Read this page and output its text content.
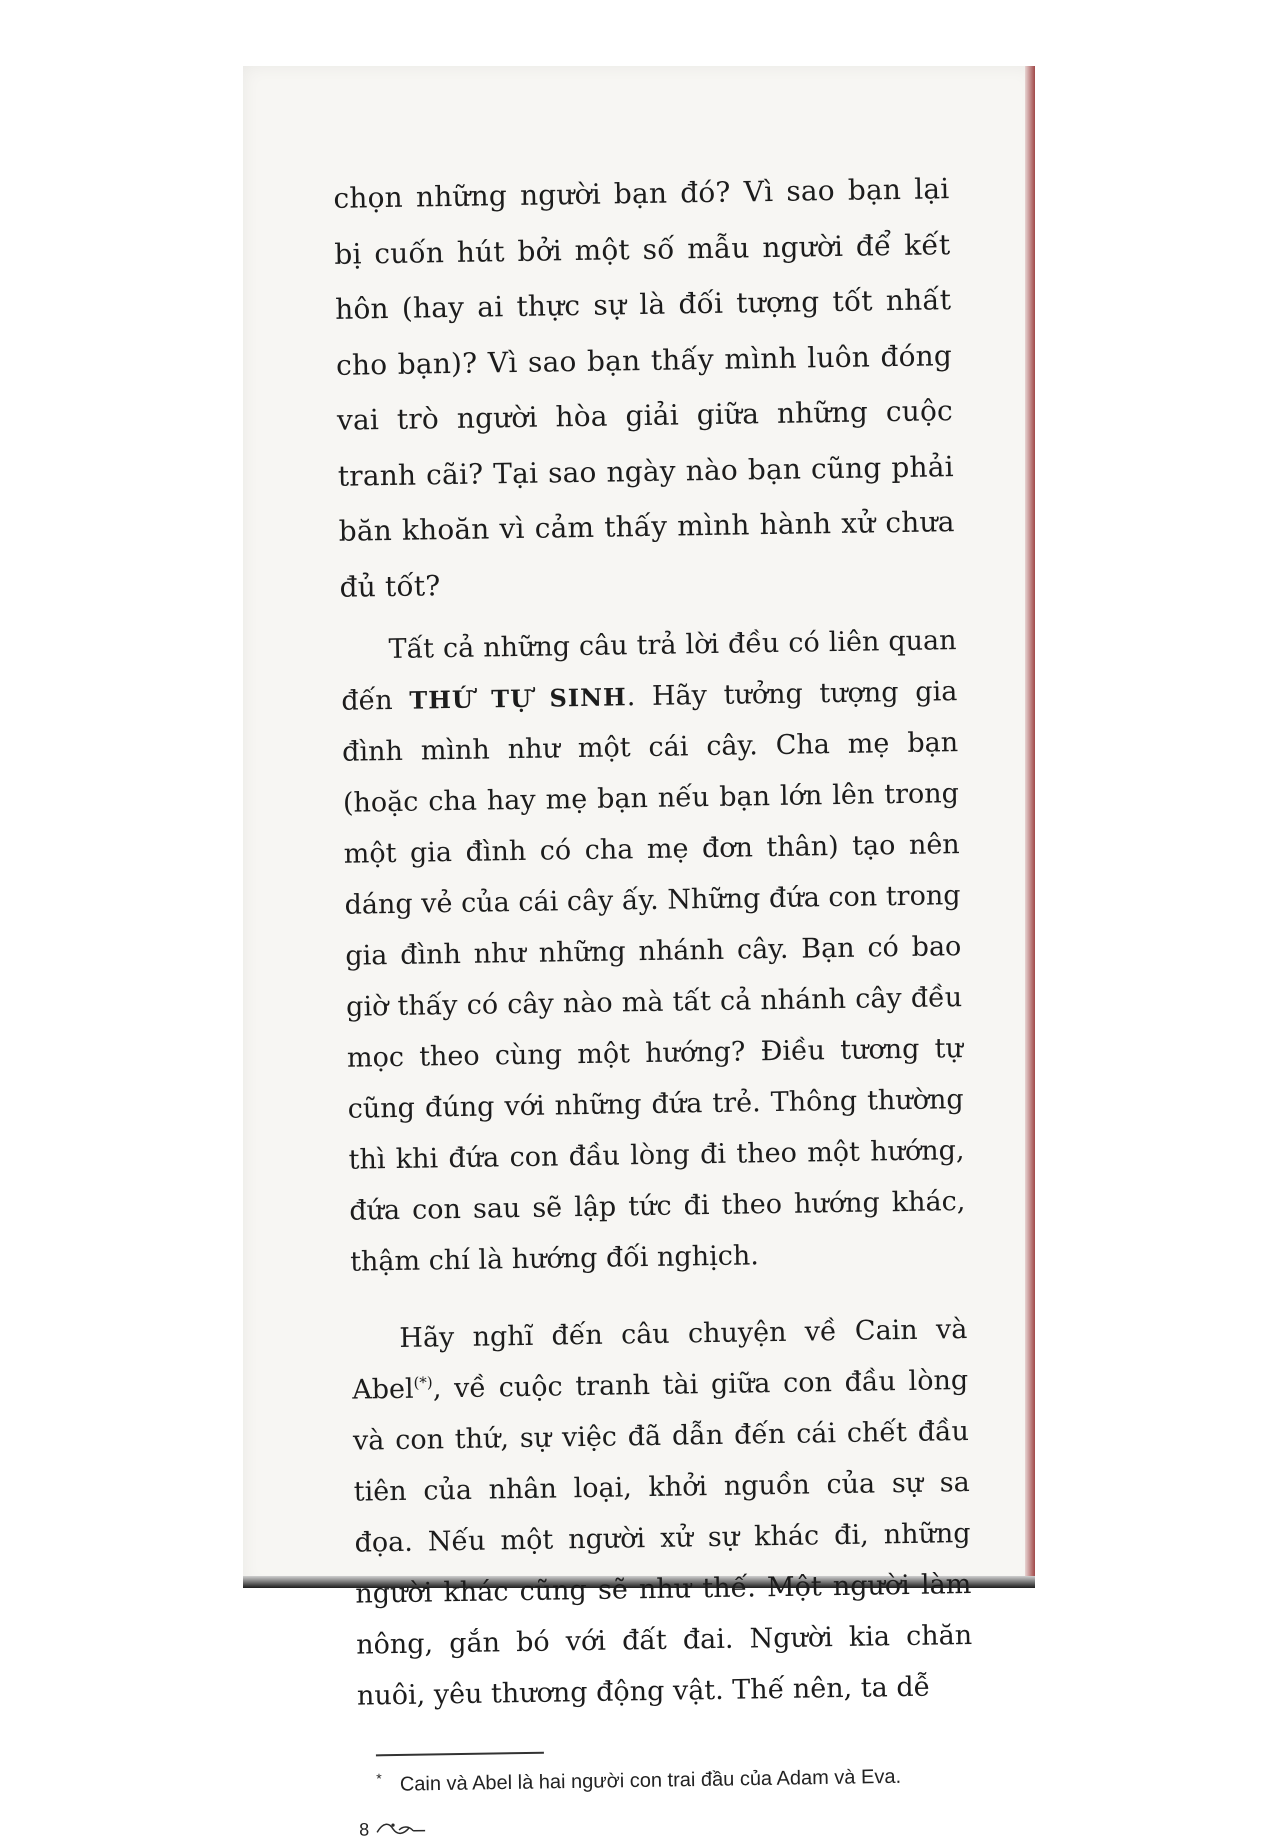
chọn những người bạn đó? Vì sao bạn lại bị cuốn hút bởi một số mẫu người để kết hôn (hay ai thực sự là đối tượng tốt nhất cho bạn)? Vì sao bạn thấy mình luôn đóng vai trò người hòa giải giữa những cuộc tranh cãi? Tại sao ngày nào bạn cũng phải băn khoăn vì cảm thấy mình hành xử chưa đủ tốt?

Tất cả những câu trả lời đều có liên quan đến THỨ TỰ SINH. Hãy tưởng tượng gia đình mình như một cái cây. Cha mẹ bạn (hoặc cha hay mẹ bạn nếu bạn lớn lên trong một gia đình có cha mẹ đơn thân) tạo nên dáng vẻ của cái cây ấy. Những đứa con trong gia đình như những nhánh cây. Bạn có bao giờ thấy có cây nào mà tất cả nhánh cây đều mọc theo cùng một hướng? Điều tương tự cũng đúng với những đứa trẻ. Thông thường thì khi đứa con đầu lòng đi theo một hướng, đứa con sau sẽ lập tức đi theo hướng khác, thậm chí là hướng đối nghịch.

Hãy nghĩ đến câu chuyện về Cain và Abel(*), về cuộc tranh tài giữa con đầu lòng và con thứ, sự việc đã dẫn đến cái chết đầu tiên của nhân loại, khởi nguồn của sự sa đọa. Nếu một người xử sự khác đi, những người khác cũng sẽ như thế. Một người làm nông, gắn bó với đất đai. Người kia chăn nuôi, yêu thương động vật. Thế nên, ta dễ

* Cain và Abel là hai người con trai đầu của Adam và Eva.

8
